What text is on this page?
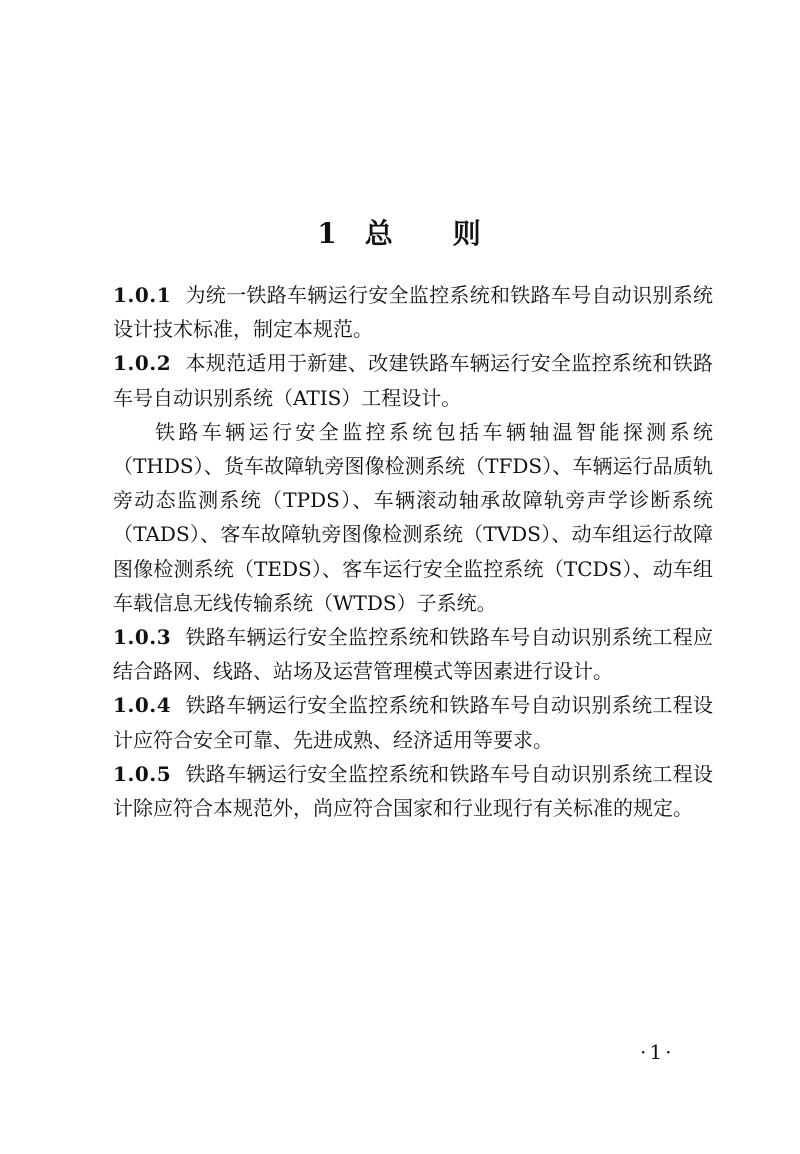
1 总 则

1.0.1 为统一铁路车辆运行安全监控系统和铁路车号自动识别系统设计技术标准，制定本规范。

1.0.2 本规范适用于新建、改建铁路车辆运行安全监控系统和铁路车号自动识别系统（ATIS）工程设计。

铁路车辆运行安全监控系统包括车辆轴温智能探测系统（THDS）、货车故障轨旁图像检测系统（TFDS）、车辆运行品质轨旁动态监测系统（TPDS）、车辆滚动轴承故障轨旁声学诊断系统（TADS）、客车故障轨旁图像检测系统（TVDS）、动车组运行故障图像检测系统（TEDS）、客车运行安全监控系统（TCDS）、动车组车载信息无线传输系统（WTDS）子系统。

1.0.3 铁路车辆运行安全监控系统和铁路车号自动识别系统工程应结合路网、线路、站场及运营管理模式等因素进行设计。

1.0.4 铁路车辆运行安全监控系统和铁路车号自动识别系统工程设计应符合安全可靠、先进成熟、经济适用等要求。

1.0.5 铁路车辆运行安全监控系统和铁路车号自动识别系统工程设计除应符合本规范外，尚应符合国家和行业现行有关标准的规定。

·1·
